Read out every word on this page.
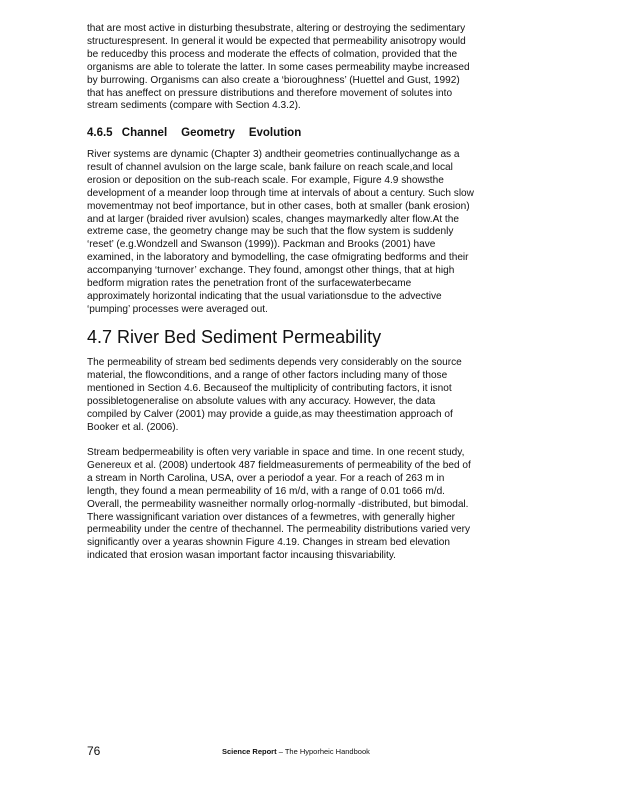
that are most active in disturbing thesubstrate, altering or destroying the sedimentary
structurespresent. In general it would be expected that permeability anisotropy would
be reducedby this process and moderate the effects of colmation, provided that the
organisms are able to tolerate the latter. In some cases permeability maybe increased
by burrowing. Organisms can also create a ‘bioroughness’ (Huettel and Gust, 1992)
that has aneffect on pressure distributions and therefore movement of solutes into
stream sediments (compare with Section 4.3.2).
4.6.5 Channel Geometry Evolution
River systems are dynamic (Chapter 3) andtheir geometries continuallychange as a
result of channel avulsion on the large scale, bank failure on reach scale,and local
erosion or deposition on the sub-reach scale. For example, Figure 4.9 showsthe
development of a meander loop through time at intervals of about a century. Such slow
movementmay not beof importance, but in other cases, both at smaller (bank erosion)
and at larger (braided river avulsion) scales, changes maymarkedly alter flow.At the
extreme case, the geometry change may be such that the flow system is suddenly
‘reset’ (e.g.Wondzell and Swanson (1999)). Packman and Brooks (2001) have
examined, in the laboratory and bymodelling, the case ofmigrating bedforms and their
accompanying ‘turnover’ exchange. They found, amongst other things, that at high
bedform migration rates the penetration front of the surfacewaterbecame
approximately horizontal indicating that the usual variationsdue to the advective
‘pumping’ processes were averaged out.
4.7 River Bed Sediment Permeability
The permeability of stream bed sediments depends very considerably on the source
material, the flowconditions, and a range of other factors including many of those
mentioned in Section 4.6. Becauseof the multiplicity of contributing factors, it isnot
possibletogeneralise on absolute values with any accuracy. However, the data
compiled by Calver (2001) may provide a guide,as may theestimation approach of
Booker et al. (2006).
Stream bedpermeability is often very variable in space and time. In one recent study,
Genereux et al. (2008) undertook 487 fieldmeasurements of permeability of the bed of
a stream in North Carolina, USA, over a periodof a year. For a reach of 263 m in
length, they found a mean permeability of 16 m/d, with a range of 0.01 to66 m/d.
Overall, the permeability wasneither normally orlog-normally -distributed, but bimodal.
There wassignificant variation over distances of a fewmetres, with generally higher
permeability under the centre of thechannel. The permeability distributions varied very
significantly over a yearas shownin Figure 4.19. Changes in stream bed elevation
indicated that erosion wasan important factor incausing thisvariability.
76	Science Report – The Hyporheic Handbook
